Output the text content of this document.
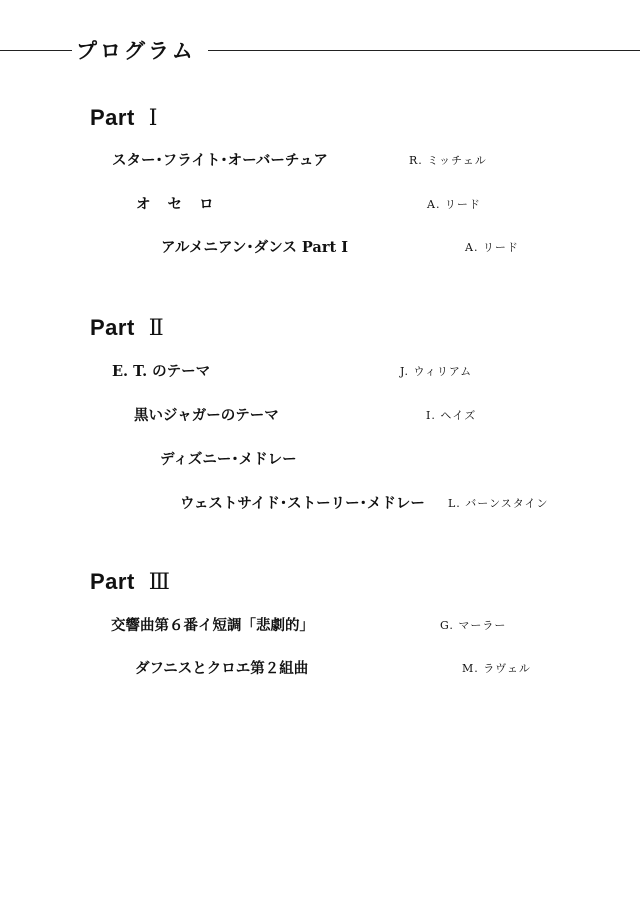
プログラム
Part Ⅰ
スター･フライト･オーバーチュア	R. ミッチェル
オ セ ロ	A. リード
アルメニアン･ダンス Part Ⅰ	A. リード
Part Ⅱ
E. T. のテーマ	J. ウィリアム
黒いジャガーのテーマ	I. ヘイズ
ディズニー･メドレー
ウェストサイド･ストーリー･メドレー L. バーンスタイン
Part Ⅲ
交響曲第６番イ短調「悲劇的」	G. マーラー
ダフニスとクロエ第２組曲	M. ラヴェル
